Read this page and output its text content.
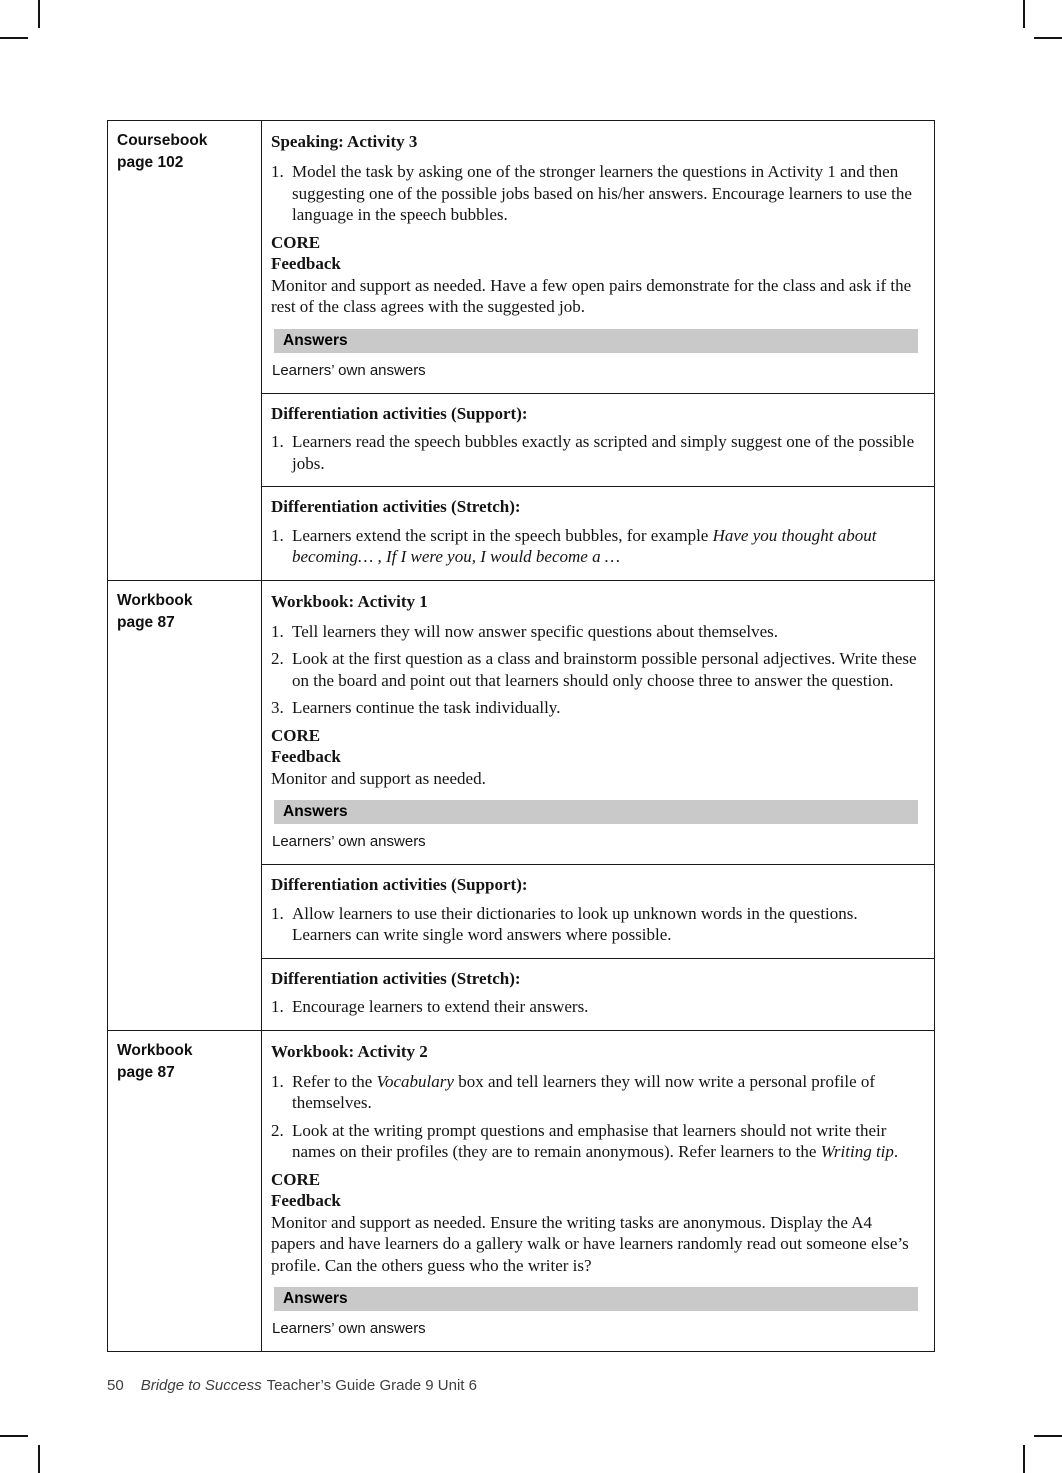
Coursebook
page 102
Speaking: Activity 3
1. Model the task by asking one of the stronger learners the questions in Activity 1 and then suggesting one of the possible jobs based on his/her answers. Encourage learners to use the language in the speech bubbles.
CORE
Feedback
Monitor and support as needed. Have a few open pairs demonstrate for the class and ask if the rest of the class agrees with the suggested job.
Answers
Learners’ own answers
Differentiation activities (Support):
1. Learners read the speech bubbles exactly as scripted and simply suggest one of the possible jobs.
Differentiation activities (Stretch):
1. Learners extend the script in the speech bubbles, for example Have you thought about becoming… , If I were you, I would become a …
Workbook
page 87
Workbook: Activity 1
1. Tell learners they will now answer specific questions about themselves.
2. Look at the first question as a class and brainstorm possible personal adjectives. Write these on the board and point out that learners should only choose three to answer the question.
3. Learners continue the task individually.
CORE
Feedback
Monitor and support as needed.
Answers
Learners’ own answers
Differentiation activities (Support):
1. Allow learners to use their dictionaries to look up unknown words in the questions. Learners can write single word answers where possible.
Differentiation activities (Stretch):
1. Encourage learners to extend their answers.
Workbook
page 87
Workbook: Activity 2
1. Refer to the Vocabulary box and tell learners they will now write a personal profile of themselves.
2. Look at the writing prompt questions and emphasise that learners should not write their names on their profiles (they are to remain anonymous). Refer learners to the Writing tip.
CORE
Feedback
Monitor and support as needed. Ensure the writing tasks are anonymous. Display the A4 papers and have learners do a gallery walk or have learners randomly read out someone else’s profile. Can the others guess who the writer is?
Answers
Learners’ own answers
50 Bridge to Success Teacher’s Guide Grade 9 Unit 6
